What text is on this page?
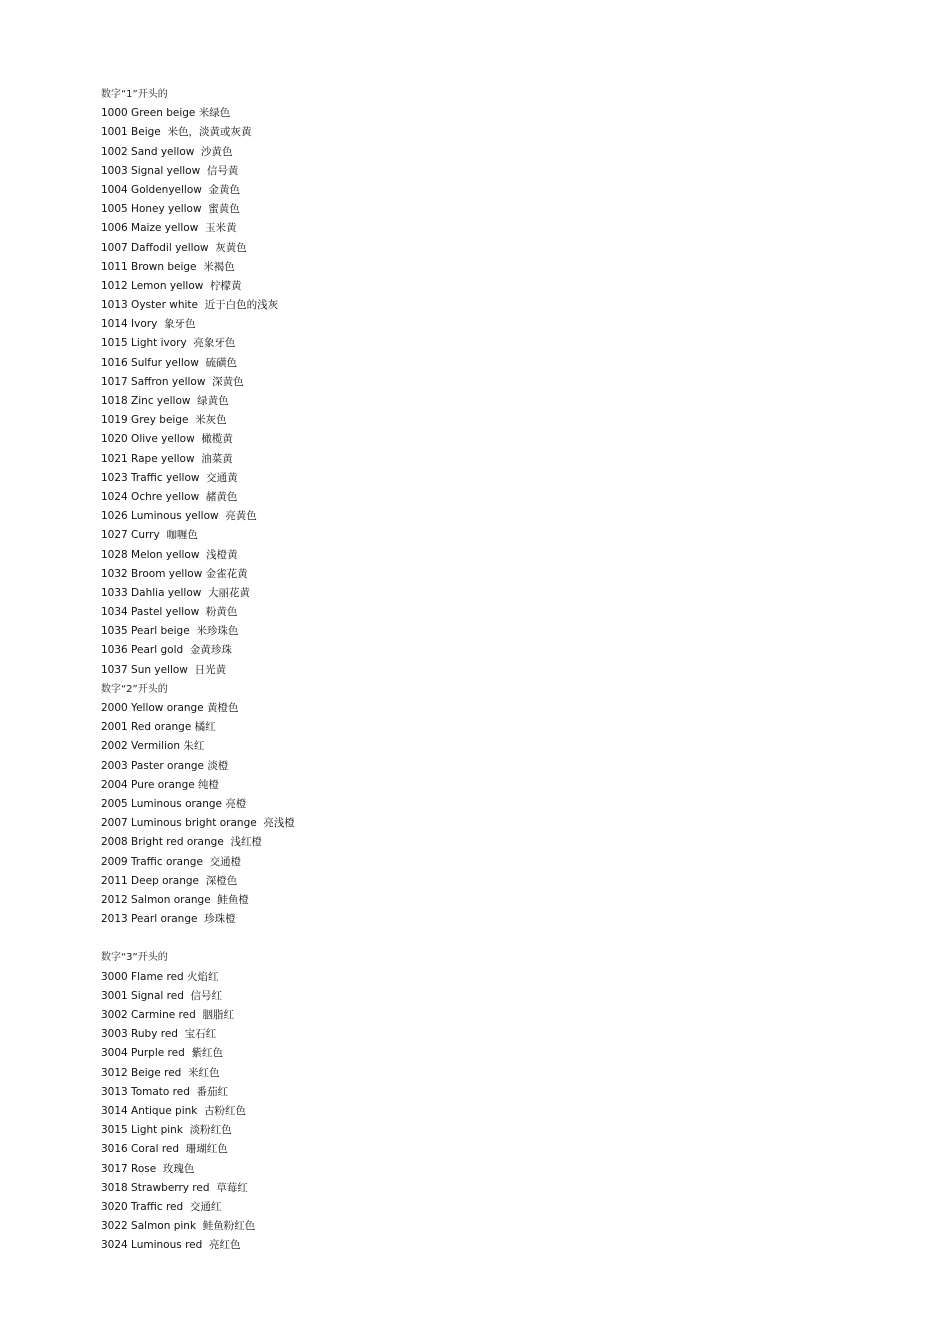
数字“1”开头的
1000 Green beige 米绿色
1001 Beige  米色，淡黄或灰黄
1002 Sand yellow  沙黄色
1003 Signal yellow  信号黄
1004 Goldenyellow  金黄色
1005 Honey yellow  蜜黄色
1006 Maize yellow  玉米黄
1007 Daffodil yellow  灰黄色
1011 Brown beige  米褐色
1012 Lemon yellow  柠檬黄
1013 Oyster white  近于白色的浅灰
1014 Ivory  象牙色
1015 Light ivory  亮象牙色
1016 Sulfur yellow  硫磺色
1017 Saffron yellow  深黄色
1018 Zinc yellow  绿黄色
1019 Grey beige  米灰色
1020 Olive yellow  橄榄黄
1021 Rape yellow  油菜黄
1023 Traffic yellow  交通黄
1024 Ochre yellow  赭黄色
1026 Luminous yellow  亮黄色
1027 Curry  咖喱色
1028 Melon yellow  浅橙黄
1032 Broom yellow 金雀花黄
1033 Dahlia yellow  大丽花黄
1034 Pastel yellow  粉黄色
1035 Pearl beige  米珍珠色
1036 Pearl gold  金黄珍珠
1037 Sun yellow  日光黄
数字“2”开头的
2000 Yellow orange 黄橙色
2001 Red orange 橘红
2002 Vermilion 朱红
2003 Paster orange 淡橙
2004 Pure orange 纯橙
2005 Luminous orange 亮橙
2007 Luminous bright orange  亮浅橙
2008 Bright red orange  浅红橙
2009 Traffic orange  交通橙
2011 Deep orange  深橙色
2012 Salmon orange  鲑鱼橙
2013 Pearl orange  珍珠橙
数字“3”开头的
3000 Flame red 火焰红
3001 Signal red  信号红
3002 Carmine red  胭脂红
3003 Ruby red  宝石红
3004 Purple red  紫红色
3012 Beige red  米红色
3013 Tomato red  番茄红
3014 Antique pink  古粉红色
3015 Light pink  淡粉红色
3016 Coral red  珊瑚红色
3017 Rose  玫瑰色
3018 Strawberry red  草莓红
3020 Traffic red  交通红
3022 Salmon pink  鲑鱼粉红色
3024 Luminous red  亮红色
